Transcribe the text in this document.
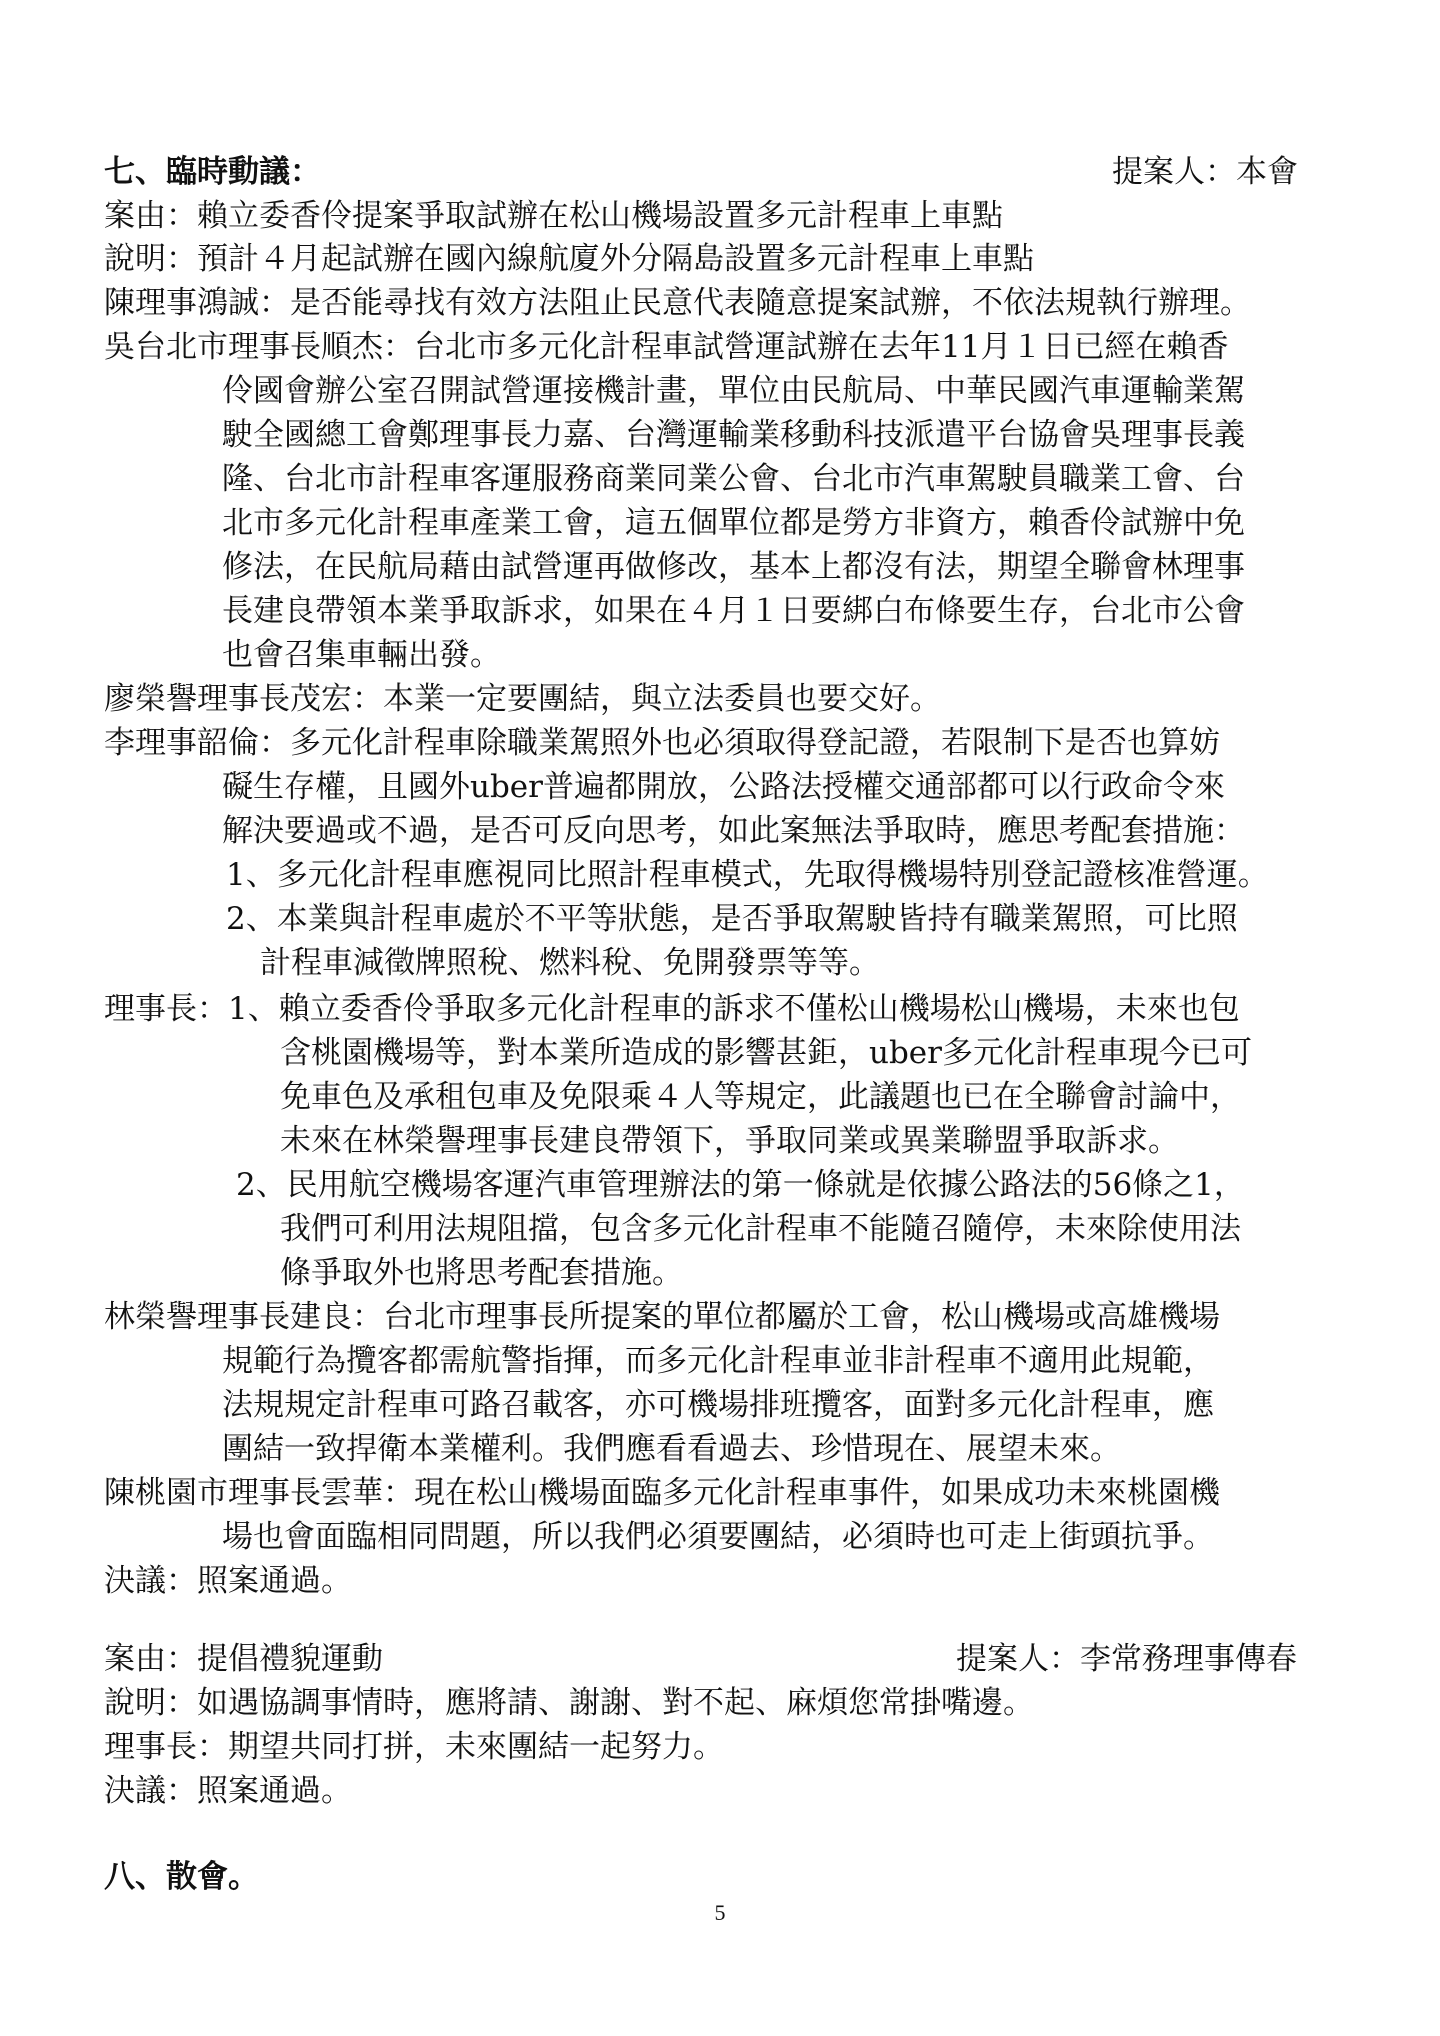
七、臨時動議：	提案人：本會
案由：賴立委香伶提案爭取試辦在松山機場設置多元計程車上車點
說明：預計４月起試辦在國內線航廈外分隔島設置多元計程車上車點
陳理事鴻誠：是否能尋找有效方法阻止民意代表隨意提案試辦，不依法規執行辦理。
吳台北市理事長順杰：台北市多元化計程車試營運試辦在去年11月１日已經在賴香
伶國會辦公室召開試營運接機計畫，單位由民航局、中華民國汽車運輸業駕
駛全國總工會鄭理事長力嘉、台灣運輸業移動科技派遣平台協會吳理事長義
隆、台北市計程車客運服務商業同業公會、台北市汽車駕駛員職業工會、台
北市多元化計程車產業工會，這五個單位都是勞方非資方，賴香伶試辦中免
修法，在民航局藉由試營運再做修改，基本上都沒有法，期望全聯會林理事
長建良帶領本業爭取訴求，如果在４月１日要綁白布條要生存，台北市公會
也會召集車輛出發。
廖榮譽理事長茂宏：本業一定要團結，與立法委員也要交好。
李理事韶倫：多元化計程車除職業駕照外也必須取得登記證，若限制下是否也算妨
礙生存權，且國外uber普遍都開放，公路法授權交通部都可以行政命令來
解決要過或不過，是否可反向思考，如此案無法爭取時，應思考配套措施：
1、多元化計程車應視同比照計程車模式，先取得機場特別登記證核准營運。
2、本業與計程車處於不平等狀態，是否爭取駕駛皆持有職業駕照，可比照
計程車減徵牌照稅、燃料稅、免開發票等等。
理事長：1、賴立委香伶爭取多元化計程車的訴求不僅松山機場松山機場，未來也包
含桃園機場等，對本業所造成的影響甚鉅，uber多元化計程車現今已可
免車色及承租包車及免限乘４人等規定，此議題也已在全聯會討論中，
未來在林榮譽理事長建良帶領下，爭取同業或異業聯盟爭取訴求。
2、民用航空機場客運汽車管理辦法的第一條就是依據公路法的56條之1，
我們可利用法規阻擋，包含多元化計程車不能隨召隨停，未來除使用法
條爭取外也將思考配套措施。
林榮譽理事長建良：台北市理事長所提案的單位都屬於工會，松山機場或高雄機場
規範行為攬客都需航警指揮，而多元化計程車並非計程車不適用此規範，
法規規定計程車可路召載客，亦可機場排班攬客，面對多元化計程車，應
團結一致捍衛本業權利。我們應看看過去、珍惜現在、展望未來。
陳桃園市理事長雲華：現在松山機場面臨多元化計程車事件，如果成功未來桃園機
場也會面臨相同問題，所以我們必須要團結，必須時也可走上街頭抗爭。
決議：照案通過。
案由：提倡禮貌運動	提案人：李常務理事傳春
說明：如遇協調事情時，應將請、謝謝、對不起、麻煩您常掛嘴邊。
理事長：期望共同打拼，未來團結一起努力。
決議：照案通過。
八、散會。
5
